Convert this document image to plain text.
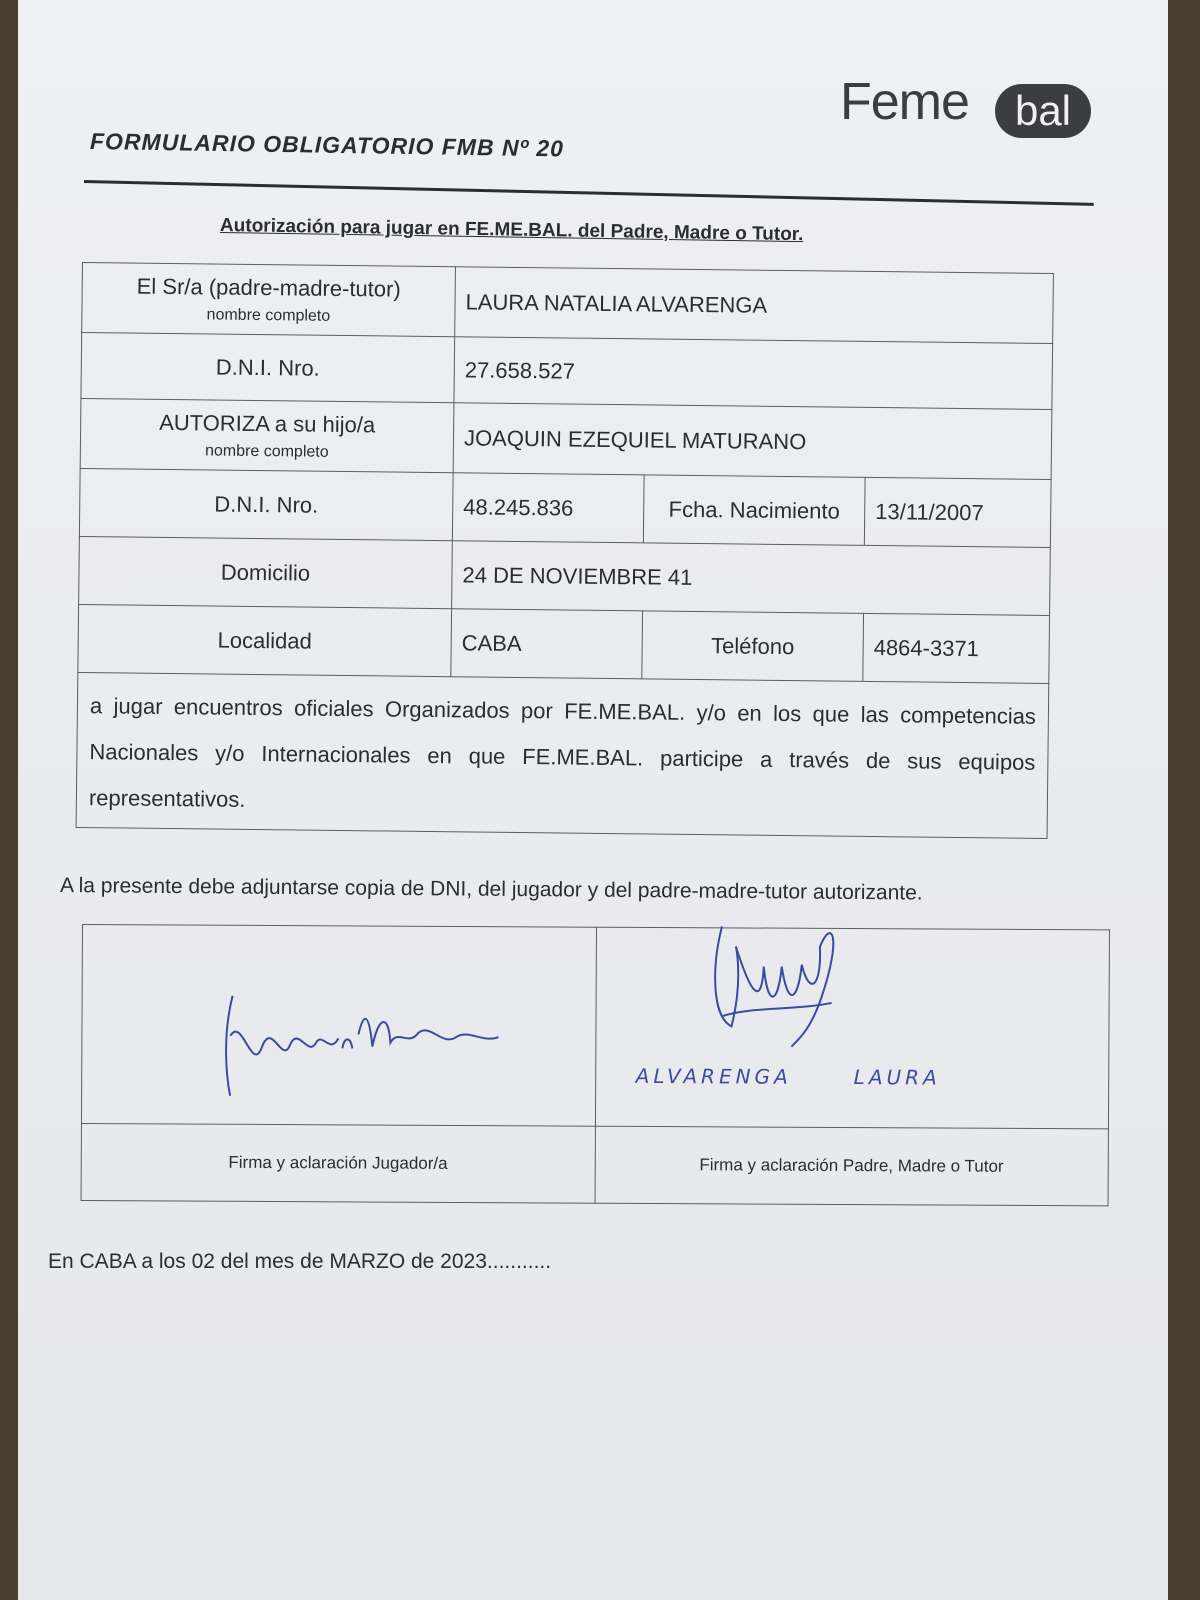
Feme	bal
FORMULARIO OBLIGATORIO FMB Nº 20
Autorización para jugar en FE.ME.BAL. del Padre, Madre o Tutor.
El Sr/a (padre-madre-tutor)
nombre completo	LAURA NATALIA ALVARENGA		
D.N.I. Nro.	27.658.527		
AUTORIZA a su hijo/a
nombre completo	JOAQUIN EZEQUIEL MATURANO		
D.N.I. Nro.	48.245.836	Fcha. Nacimiento	13/11/2007
Domicilio	24 DE NOVIEMBRE 41		
Localidad	CABA	Teléfono	4864-3371
a jugar encuentros oficiales Organizados por FE.ME.BAL. y/o en los que las competencias Nacionales y/o Internacionales en que FE.ME.BAL. participe a través de sus equipos representativos.			
A la presente debe adjuntarse copia de DNI, del jugador y del padre-madre-tutor autorizante.

ALVARENGA LAURA

Firma y aclaración Jugador/a	Firma y aclaración Padre, Madre o Tutor
En CABA a los 02 del mes de MARZO de 2023...........
